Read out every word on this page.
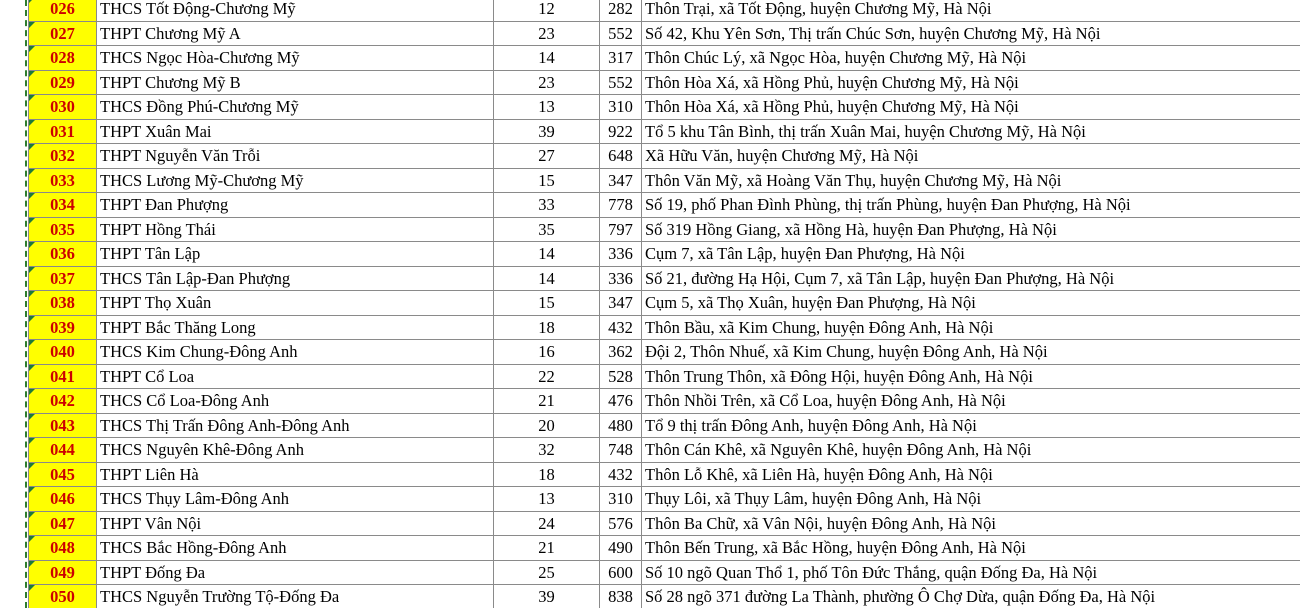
026	THCS Tốt Động-Chương Mỹ	12	282	Thôn Trại, xã Tốt Động, huyện Chương Mỹ, Hà Nội
027	THPT Chương Mỹ A	23	552	Số 42, Khu Yên Sơn, Thị trấn Chúc Sơn, huyện Chương Mỹ, Hà Nội
028	THCS Ngọc Hòa-Chương Mỹ	14	317	Thôn Chúc Lý, xã Ngọc Hòa, huyện Chương Mỹ, Hà Nội
029	THPT Chương Mỹ B	23	552	Thôn Hòa Xá, xã Hồng Phủ, huyện Chương Mỹ, Hà Nội
030	THCS Đồng Phú-Chương Mỹ	13	310	Thôn Hòa Xá, xã Hồng Phủ, huyện Chương Mỹ, Hà Nội
031	THPT Xuân Mai	39	922	Tổ 5 khu Tân Bình, thị trấn Xuân Mai, huyện Chương Mỹ, Hà Nội
032	THPT Nguyễn Văn Trỗi	27	648	Xã Hữu Văn, huyện Chương Mỹ, Hà Nội
033	THCS Lương Mỹ-Chương Mỹ	15	347	Thôn Văn Mỹ, xã Hoàng Văn Thụ, huyện Chương Mỹ, Hà Nội
034	THPT Đan Phượng	33	778	Số 19, phố Phan Đình Phùng, thị trấn Phùng, huyện Đan Phượng, Hà Nội
035	THPT Hồng Thái	35	797	Số 319 Hồng Giang, xã Hồng Hà, huyện Đan Phượng, Hà Nội
036	THPT Tân Lập	14	336	Cụm 7, xã Tân Lập, huyện Đan Phượng, Hà Nội
037	THCS Tân Lập-Đan Phượng	14	336	Số 21, đường Hạ Hội, Cụm 7, xã Tân Lập, huyện Đan Phượng, Hà Nội
038	THPT Thọ Xuân	15	347	Cụm 5, xã Thọ Xuân, huyện Đan Phượng, Hà Nội
039	THPT Bắc Thăng Long	18	432	Thôn Bầu, xã Kim Chung, huyện Đông Anh, Hà Nội
040	THCS Kim Chung-Đông Anh	16	362	Đội 2, Thôn Nhuế, xã Kim Chung, huyện Đông Anh, Hà Nội
041	THPT Cổ Loa	22	528	Thôn Trung Thôn, xã Đông Hội, huyện Đông Anh, Hà Nội
042	THCS Cổ Loa-Đông Anh	21	476	Thôn Nhồi Trên, xã Cổ Loa, huyện Đông Anh, Hà Nội
043	THCS Thị Trấn Đông Anh-Đông Anh	20	480	Tổ 9 thị trấn Đông Anh, huyện Đông Anh, Hà Nội
044	THCS Nguyên Khê-Đông Anh	32	748	Thôn Cán Khê, xã Nguyên Khê, huyện Đông Anh, Hà Nội
045	THPT Liên Hà	18	432	Thôn Lỗ Khê, xã Liên Hà, huyện Đông Anh, Hà Nội
046	THCS Thụy Lâm-Đông Anh	13	310	Thụy Lôi, xã Thụy Lâm, huyện Đông Anh, Hà Nội
047	THPT Vân Nội	24	576	Thôn Ba Chữ, xã Vân Nội, huyện Đông Anh, Hà Nội
048	THCS Bắc Hồng-Đông Anh	21	490	Thôn Bến Trung, xã Bắc Hồng, huyện Đông Anh, Hà Nội
049	THPT Đống Đa	25	600	Số 10 ngõ Quan Thổ 1, phố Tôn Đức Thắng, quận Đống Đa, Hà Nội
050	THCS Nguyễn Trường Tộ-Đống Đa	39	838	Số 28 ngõ 371 đường La Thành, phường Ô Chợ Dừa, quận Đống Đa, Hà Nội
